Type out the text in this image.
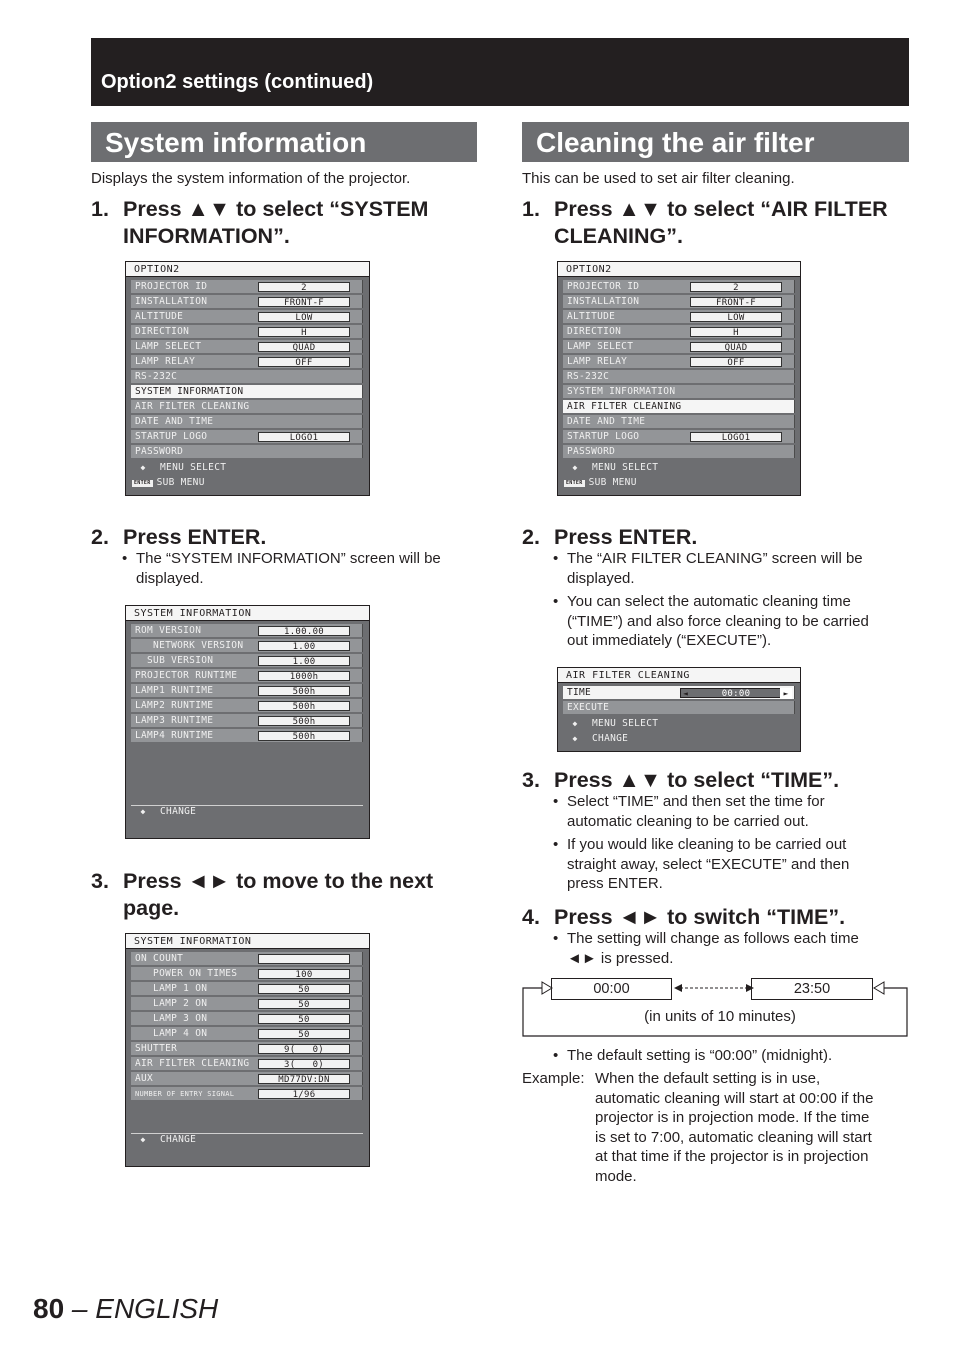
Option2 settings (continued)
System information
Displays the system information of the projector.
1. Press ▲▼ to select “SYSTEM
INFORMATION”.
OPTION2
◆ MENU SELECT
ENTER SUB MENU
PROJECTOR ID	2
INSTALLATION	FRONT-F
ALTITUDE	LOW
DIRECTION	H
LAMP SELECT	QUAD
LAMP RELAY	OFF
RS-232C
SYSTEM INFORMATION
AIR FILTER CLEANING
DATE AND TIME
STARTUP LOGO	LOGO1
PASSWORD
2. Press ENTER.
• The “SYSTEM INFORMATION” screen will be
displayed.
SYSTEM INFORMATION
◆ CHANGE
ROM VERSION	1.00.00
NETWORK VERSION	1.00
SUB VERSION	1.00
PROJECTOR RUNTIME	1000h
LAMP1 RUNTIME	500h
LAMP2 RUNTIME	500h
LAMP3 RUNTIME	500h
LAMP4 RUNTIME	500h
3. Press ◄► to move to the next
page.
SYSTEM INFORMATION
◆ CHANGE
ON COUNT
POWER ON TIMES	100
LAMP 1 ON	50
LAMP 2 ON	50
LAMP 3 ON	50
LAMP 4 ON	50
SHUTTER	9(   0)
AIR FILTER CLEANING	3(   0)
AUX	MD77DV:DN
NUMBER OF ENTRY SIGNAL	1/96
Cleaning the air filter
This can be used to set air filter cleaning.
1. Press ▲▼ to select “AIR FILTER
CLEANING”.
OPTION2
◆ MENU SELECT
ENTER SUB MENU
PROJECTOR ID	2
INSTALLATION	FRONT-F
ALTITUDE	LOW
DIRECTION	H
LAMP SELECT	QUAD
LAMP RELAY	OFF
RS-232C
SYSTEM INFORMATION
AIR FILTER CLEANING
DATE AND TIME
STARTUP LOGO	LOGO1
PASSWORD
2. Press ENTER.
• The “AIR FILTER CLEANING” screen will be
displayed.
• You can select the automatic cleaning time
(“TIME”) and also force cleaning to be carried
out immediately (“EXECUTE”).
AIR FILTER CLEANING
TIME	◄	00:00	►
EXECUTE
◆ MENU SELECT
◆ CHANGE
3. Press ▲▼ to select “TIME”.
• Select “TIME” and then set the time for
automatic cleaning to be carried out.
• If you would like cleaning to be carried out
straight away, select “EXECUTE” and then
press ENTER.
4. Press ◄► to switch “TIME”.
• The setting will change as follows each time
◄► is pressed.
00:00	23:50
(in units of 10 minutes)
• The default setting is “00:00” (midnight).
Example: When the default setting is in use,
automatic cleaning will start at 00:00 if the
projector is in projection mode. If the time
is set to 7:00, automatic cleaning will start
at that time if the projector is in projection
mode.
80 – ENGLISH
